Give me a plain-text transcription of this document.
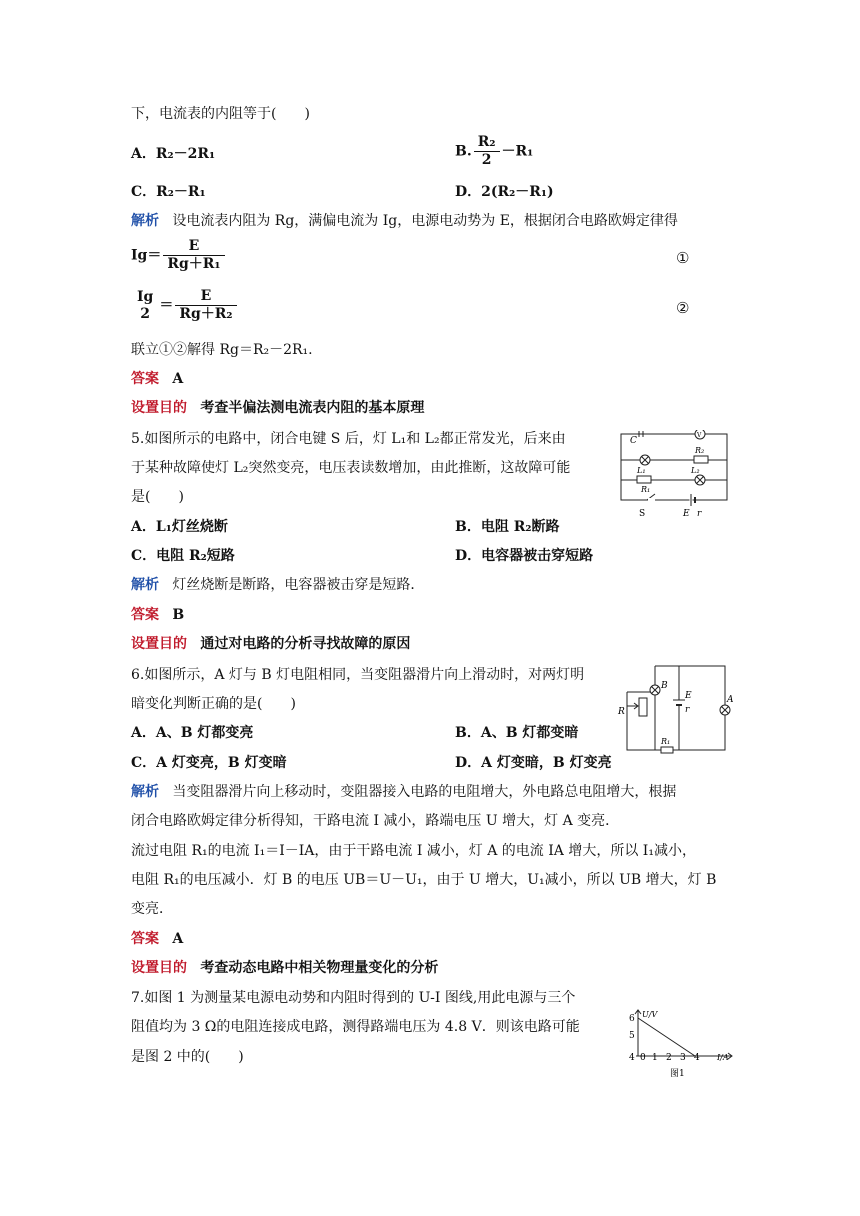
下，电流表的内阻等于(　　)
A．R₂－2R₁	B. $\frac{\text{R₂}}{2} -R_1$
C．R₂－R₁	D．2(R₂－R₁)
解析 设电流表内阻为 Rg，满偏电流为 Ig，电源电动势为 E，根据闭合电路欧姆定律得
$Ig= \frac{E}{\text{Rg＋R₁}}$	①
Ig
$2 = \frac{E}{\text{Rg＋R₂}}$	②
联立①②解得 Rg＝R₂－2R₁.
答案 A
设置目的 考查半偏法测电流表内阻的基本原理
5.如图所示的电路中，闭合电键 S 后，灯 L₁和 L₂都正常发光，后来由
于某种故障使灯 L₂突然变亮，电压表读数增加，由此推断，这故障可能
是(　　)
C
V
R₂
L₁	L₂
R₁
S	E r
A．L₁灯丝烧断	B．电阻 R₂断路
C．电阻 R₂短路	D．电容器被击穿短路
解析 灯丝烧断是断路，电容器被击穿是短路．
答案 B
设置目的 通过对电路的分析寻找故障的原因
6.如图所示，A 灯与 B 灯电阻相同，当变阻器滑片向上滑动时，对两灯明
暗变化判断正确的是(　　)
B
E
r
A
R
R₁
A．A、B 灯都变亮	B．A、B 灯都变暗
C．A 灯变亮，B 灯变暗	D．A 灯变暗，B 灯变亮
解析 当变阻器滑片向上移动时，变阻器接入电路的电阻增大，外电路总电阻增大，根据
闭合电路欧姆定律分析得知，干路电流 I 减小，路端电压 U 增大，灯 A 变亮．
流过电阻 R₁的电流 I₁＝I－IA，由于干路电流 I 减小，灯 A 的电流 IA 增大，所以 I₁减小，
电阻 R₁的电压减小．灯 B 的电压 UB＝U－U₁，由于 U 增大，U₁减小，所以 UB 增大，灯 B
变亮．
答案 A
设置目的 考查动态电路中相关物理量变化的分析
7.如图 1 为测量某电源电动势和内阻时得到的 U-I 图线,用此电源与三个
阻值均为 3 Ω的电阻连接成电路，测得路端电压为 4.8 V．则该电路可能
是图 2 中的(　　)
U/V
6
5
4 0 1 2 3 4 I/A
图1
